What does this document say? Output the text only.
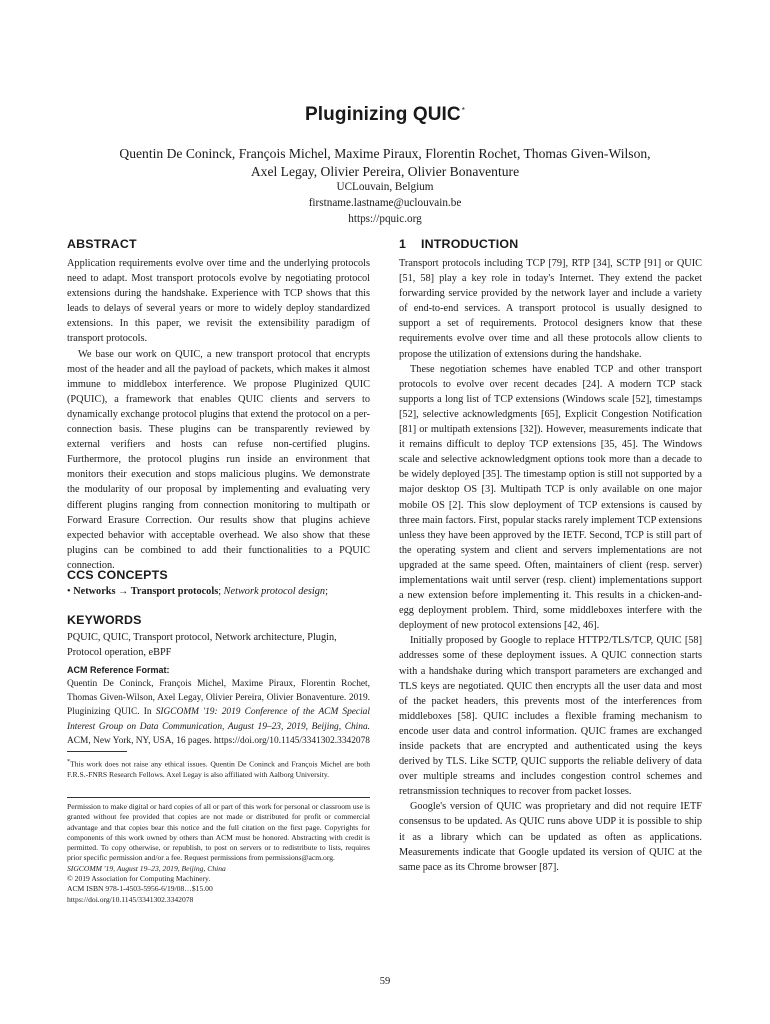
Pluginizing QUIC*
Quentin De Coninck, François Michel, Maxime Piraux, Florentin Rochet, Thomas Given-Wilson,
Axel Legay, Olivier Pereira, Olivier Bonaventure
UCLouvain, Belgium
firstname.lastname@uclouvain.be
https://pquic.org
ABSTRACT

Application requirements evolve over time and the underlying protocols need to adapt. Most transport protocols evolve by negotiating protocol extensions during the handshake. Experience with TCP shows that this leads to delays of several years or more to widely deploy standardized extensions. In this paper, we revisit the extensibility paradigm of transport protocols.

We base our work on QUIC, a new transport protocol that encrypts most of the header and all the payload of packets, which makes it almost immune to middlebox interference. We propose Pluginized QUIC (PQUIC), a framework that enables QUIC clients and servers to dynamically exchange protocol plugins that extend the protocol on a per-connection basis. These plugins can be transparently reviewed by external verifiers and hosts can refuse non-certified plugins. Furthermore, the protocol plugins run inside an environment that monitors their execution and stops malicious plugins. We demonstrate the modularity of our proposal by implementing and evaluating very different plugins ranging from connection monitoring to multipath or Forward Erasure Correction. Our results show that plugins achieve expected behavior with acceptable overhead. We also show that these plugins can be combined to add their functionalities to a PQUIC connection.

CCS CONCEPTS

• Networks → Transport protocols; Network protocol design;

KEYWORDS

PQUIC, QUIC, Transport protocol, Network architecture, Plugin, Protocol operation, eBPF

ACM Reference Format:

Quentin De Coninck, François Michel, Maxime Piraux, Florentin Rochet, Thomas Given-Wilson, Axel Legay, Olivier Pereira, Olivier Bonaventure. 2019. Pluginizing QUIC. In SIGCOMM '19: 2019 Conference of the ACM Special Interest Group on Data Communication, August 19–23, 2019, Beijing, China. ACM, New York, NY, USA, 16 pages. https://doi.org/10.1145/3341302.3342078

*This work does not raise any ethical issues. Quentin De Coninck and François Michel are both F.R.S.-FNRS Research Fellows. Axel Legay is also affiliated with Aalborg University.

Permission to make digital or hard copies of all or part of this work for personal or classroom use is granted without fee provided that copies are not made or distributed for profit or commercial advantage and that copies bear this notice and the full citation on the first page. Copyrights for components of this work owned by others than ACM must be honored. Abstracting with credit is permitted. To copy otherwise, or republish, to post on servers or to redistribute to lists, requires prior specific permission and/or a fee. Request permissions from permissions@acm.org.

SIGCOMM '19, August 19–23, 2019, Beijing, China

© 2019 Association for Computing Machinery.

ACM ISBN 978-1-4503-5956-6/19/08…$15.00

https://doi.org/10.1145/3341302.3342078

1 INTRODUCTION

Transport protocols including TCP [79], RTP [34], SCTP [91] or QUIC [51, 58] play a key role in today's Internet. They extend the packet forwarding service provided by the network layer and include a variety of end-to-end services. A transport protocol is usually designed to support a set of requirements. Protocol designers know that these requirements evolve over time and all these protocols allow clients to propose the utilization of extensions during the handshake.

These negotiation schemes have enabled TCP and other transport protocols to evolve over recent decades [24]. A modern TCP stack supports a long list of TCP extensions (Windows scale [52], timestamps [52], selective acknowledgments [65], Explicit Congestion Notification [81] or multipath extensions [32]). However, measurements indicate that it remains difficult to deploy TCP extensions [35, 45]. The Windows scale and selective acknowledgment options took more than a decade to be widely deployed [35]. The timestamp option is still not supported by a major desktop OS [3]. Multipath TCP is only available on one major mobile OS [2]. This slow deployment of TCP extensions is caused by three main factors. First, popular stacks rarely implement TCP extensions unless they have been approved by the IETF. Second, TCP is still part of the operating system and client and servers implementations are not upgraded at the same speed. Often, maintainers of client (resp. server) implementations wait until server (resp. client) implementations support a new extension before implementing it. This results in a chicken-and-egg deployment problem. Third, some middleboxes interfere with the deployment of new protocol extensions [42, 46].

Initially proposed by Google to replace HTTP2/TLS/TCP, QUIC [58] addresses some of these deployment issues. A QUIC connection starts with a handshake during which transport parameters are exchanged and TLS keys are negotiated. QUIC then encrypts all the user data and most of the packet headers, this prevents most of the interferences from middleboxes [58]. QUIC includes a flexible framing mechanism to encode user data and control information. QUIC frames are exchanged inside packets that are encrypted and authenticated using the keys derived by TLS. Like SCTP, QUIC supports the reliable delivery of data over multiple streams and includes congestion control schemes and retransmission techniques to recover from packet losses.

Google's version of QUIC was proprietary and did not require IETF consensus to be updated. As QUIC runs above UDP it is possible to ship it as a library which can be updated as often as applications. Measurements indicate that Google updated its version of QUIC at the same pace as its Chrome browser [87].

59
